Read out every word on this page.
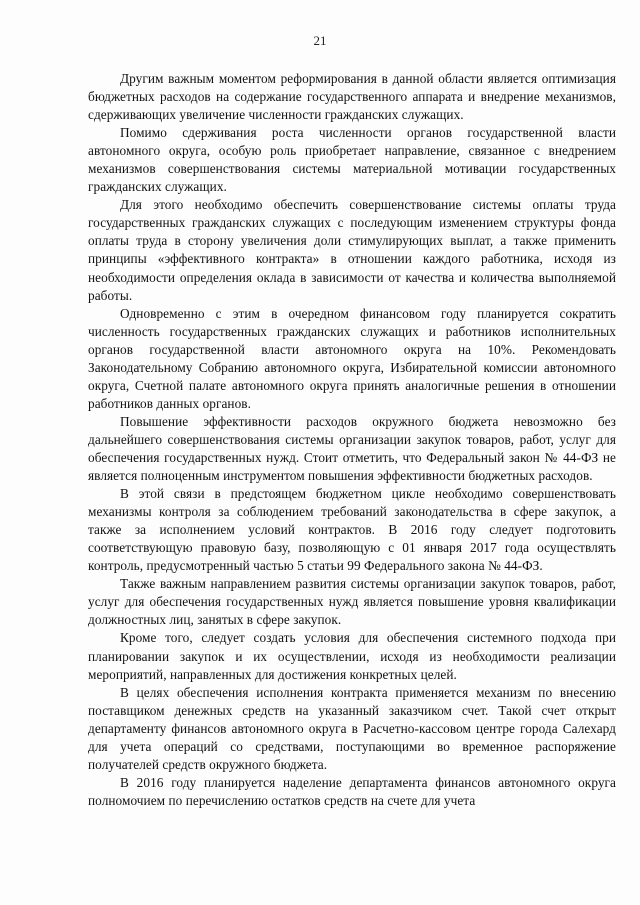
21

Другим важным моментом реформирования в данной области является оптимизация бюджетных расходов на содержание государственного аппарата и внедрение механизмов, сдерживающих увеличение численности гражданских служащих.

Помимо сдерживания роста численности органов государственной власти автономного округа, особую роль приобретает направление, связанное с внедрением механизмов совершенствования системы материальной мотивации государственных гражданских служащих.

Для этого необходимо обеспечить совершенствование системы оплаты труда государственных гражданских служащих с последующим изменением структуры фонда оплаты труда в сторону увеличения доли стимулирующих выплат, а также применить принципы «эффективного контракта» в отношении каждого работника, исходя из необходимости определения оклада в зависимости от качества и количества выполняемой работы.

Одновременно с этим в очередном финансовом году планируется сократить численность государственных гражданских служащих и работников исполнительных органов государственной власти автономного округа на 10%. Рекомендовать Законодательному Собранию автономного округа, Избирательной комиссии автономного округа, Счетной палате автономного округа принять аналогичные решения в отношении работников данных органов.

Повышение эффективности расходов окружного бюджета невозможно без дальнейшего совершенствования системы организации закупок товаров, работ, услуг для обеспечения государственных нужд. Стоит отметить, что Федеральный закон № 44-ФЗ не является полноценным инструментом повышения эффективности бюджетных расходов.

В этой связи в предстоящем бюджетном цикле необходимо совершенствовать механизмы контроля за соблюдением требований законодательства в сфере закупок, а также за исполнением условий контрактов. В 2016 году следует подготовить соответствующую правовую базу, позволяющую с 01 января 2017 года осуществлять контроль, предусмотренный частью 5 статьи 99 Федерального закона № 44-ФЗ.

Также важным направлением развития системы организации закупок товаров, работ, услуг для обеспечения государственных нужд является повышение уровня квалификации должностных лиц, занятых в сфере закупок.

Кроме того, следует создать условия для обеспечения системного подхода при планировании закупок и их осуществлении, исходя из необходимости реализации мероприятий, направленных для достижения конкретных целей.

В целях обеспечения исполнения контракта применяется механизм по внесению поставщиком денежных средств на указанный заказчиком счет. Такой счет открыт департаменту финансов автономного округа в Расчетно-кассовом центре города Салехард для учета операций со средствами, поступающими во временное распоряжение получателей средств окружного бюджета.

В 2016 году планируется наделение департамента финансов автономного округа полномочием по перечислению остатков средств на счете для учета
